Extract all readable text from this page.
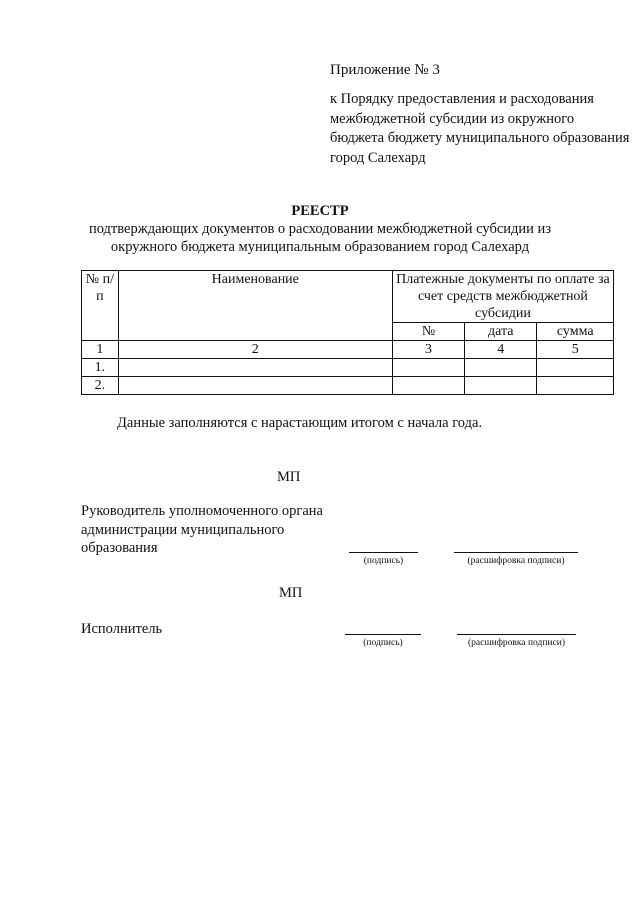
Приложение № 3
к Порядку предоставления и расходования межбюджетной субсидии из окружного бюджета бюджету муниципального образования город Салехард
РЕЕСТР
подтверждающих документов о расходовании межбюджетной субсидии из окружного бюджета муниципальным образованием город Салехард
№ п/п	Наименование	Платежные документы по оплате за счет средств межбюджетной субсидии		
		№	дата	сумма
1	2	3	4	5
1.				
2.				
Данные заполняются с нарастающим итогом с начала года.
МП
Руководитель уполномоченного органа администрации муниципального образования
(подпись)	(расшифровка подписи)
МП
Исполнитель
(подпись)	(расшифровка подписи)
